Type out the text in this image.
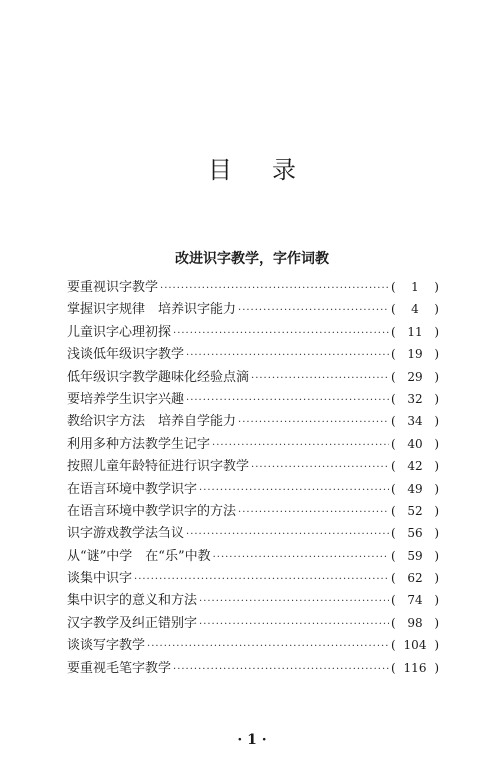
目录
改进识字教学，字作词教
要重视识字教学 ·····	( 1 )
掌握识字规律　培养识字能力 ·····	( 4 )
儿童识字心理初探 ·····	( 11 )
浅谈低年级识字教学 ·····	( 19 )
低年级识字教学趣味化经验点滴 ·····	( 29 )
要培养学生识字兴趣 ·····	( 32 )
教给识字方法　培养自学能力 ·····	( 34 )
利用多种方法教学生记字 ·····	( 40 )
按照儿童年龄特征进行识字教学 ·····	( 42 )
在语言环境中教学识字 ·····	( 49 )
在语言环境中教学识字的方法 ·····	( 52 )
识字游戏教学法刍议 ·····	( 56 )
从“谜”中学　在“乐”中教 ·····	( 59 )
谈集中识字 ·····	( 62 )
集中识字的意义和方法 ·····	( 74 )
汉字教学及纠正错别字 ·····	( 98 )
谈谈写字教学 ·····	( 104 )
要重视毛笔字教学 ·····	( 116 )
· 1 ·
